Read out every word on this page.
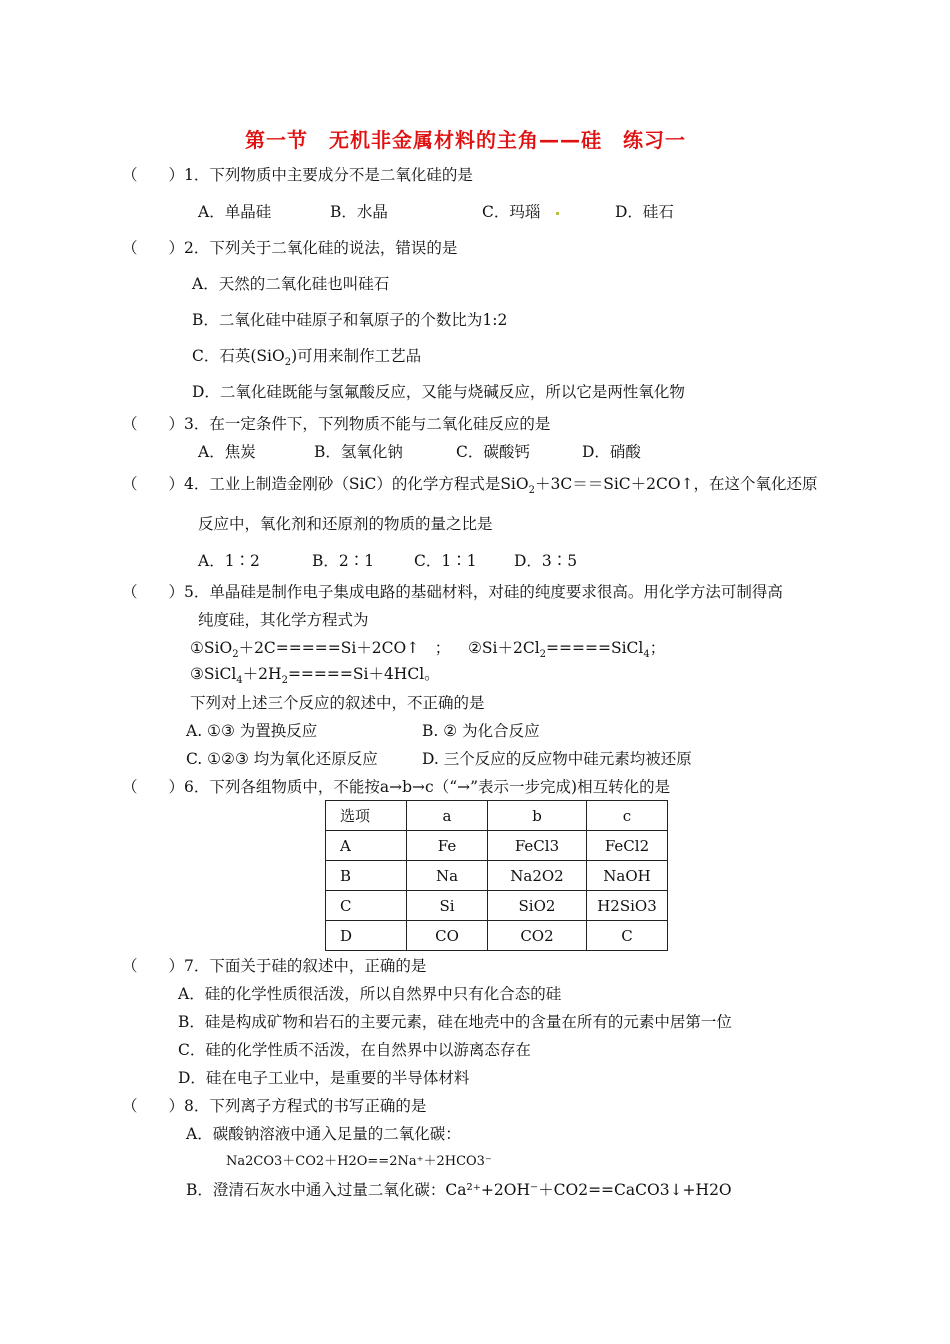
第一节　无机非金属材料的主角——硅　练习一
（　　）1．下列物质中主要成分不是二氧化硅的是
A．单晶硅	B．水晶	C．玛瑙	D．硅石
（　　）2．下列关于二氧化硅的说法，错误的是
A．天然的二氧化硅也叫硅石
B．二氧化硅中硅原子和氧原子的个数比为1:2
C．石英(SiO$_2$)可用来制作工艺品
D．二氧化硅既能与氢氟酸反应，又能与烧碱反应，所以它是两性氧化物
（　　）3．在一定条件下，下列物质不能与二氧化硅反应的是
A．焦炭	B．氢氧化钠	C．碳酸钙	D．硝酸
（　　）4．工业上制造金刚砂（SiC）的化学方程式是SiO$_2$＋3C＝＝SiC＋2CO↑，在这个氧化还原
反应中，氧化剂和还原剂的物质的量之比是
A．1∶2	B．2∶1	C．1∶1 D．3∶5
（　　）5．单晶硅是制作电子集成电路的基础材料，对硅的纯度要求很高。用化学方法可制得高
纯度硅，其化学方程式为
①SiO$_2$＋2C=====Si＋2CO↑　； $②Si+2Cl_2=====SiCl_4$；
$③SiCl_4+2H_2=====Si+4HCl$。
下列对上述三个反应的叙述中，不正确的是
A. ①③ 为置换反应	B. ② 为化合反应
C. ①②③ 均为氧化还原反应	D. 三个反应的反应物中硅元素均被还原
（　　）6．下列各组物质中，不能按a→b→c（“→”表示一步完成)相互转化的是
选项	a	b	c
A	Fe	FeCl3	FeCl2
B	Na	Na2O2	NaOH
C	Si	SiO2	H2SiO3
D	CO	CO2	C
（　　）7．下面关于硅的叙述中，正确的是
A．硅的化学性质很活泼，所以自然界中只有化合态的硅
B．硅是构成矿物和岩石的主要元素，硅在地壳中的含量在所有的元素中居第一位
C．硅的化学性质不活泼，在自然界中以游离态存在
D．硅在电子工业中，是重要的半导体材料
（　　）8．下列离子方程式的书写正确的是
A．碳酸钠溶液中通入足量的二氧化碳：
Na2CO3＋CO2＋H2O==2Na⁺＋2HCO3⁻
B．澄清石灰水中通入过量二氧化碳：Ca²⁺+2OH⁻＋CO2==CaCO3↓+H2O
